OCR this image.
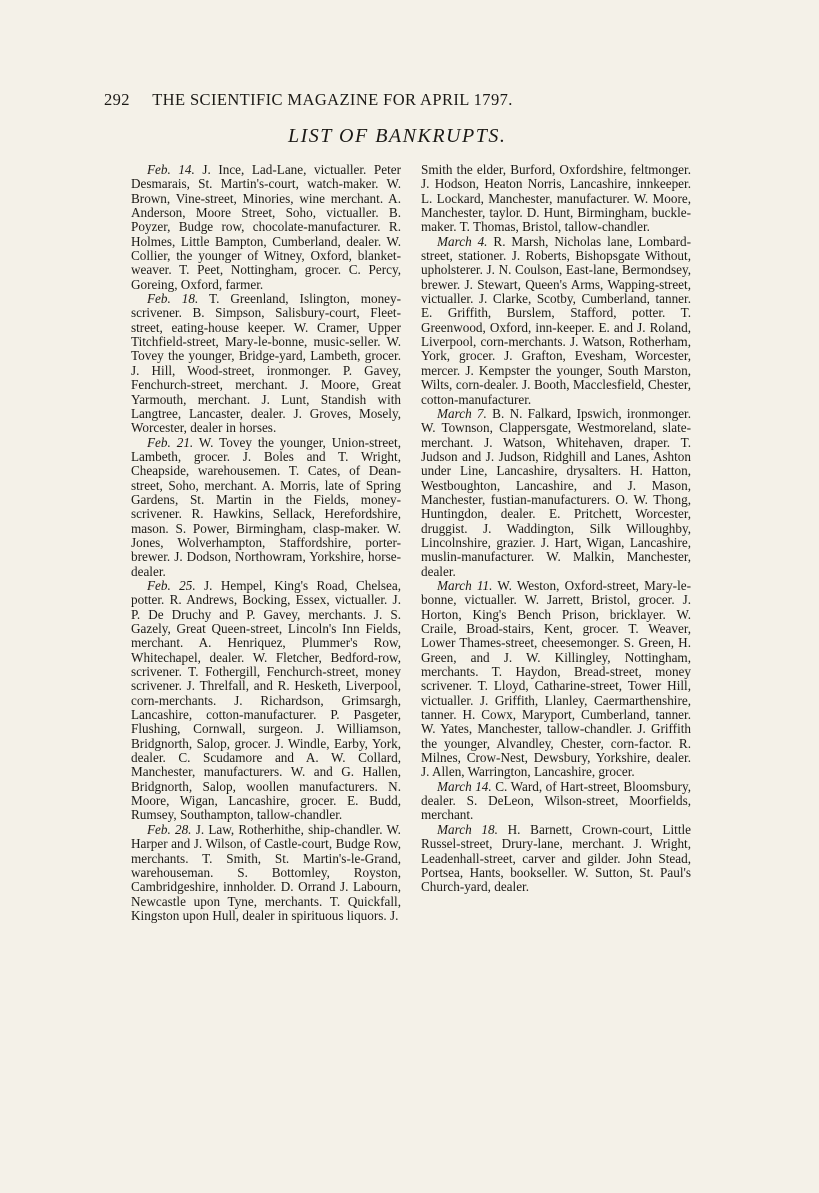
292 THE SCIENTIFIC MAGAZINE FOR APRIL 1797.
LIST OF BANKRUPTS.

Feb. 14. J. Ince, Lad-Lane, victualler. Peter Desmarais, St. Martin's-court, watch-maker. W. Brown, Vine-street, Minories, wine merchant. A. Anderson, Moore Street, Soho, victualler. B. Poyzer, Budge row, chocolate-manufacturer. R. Holmes, Little Bampton, Cumberland, dealer. W. Collier, the younger of Witney, Oxford, blanket-weaver. T. Peet, Nottingham, grocer. C. Percy, Goreing, Oxford, farmer.

Feb. 18. T. Greenland, Islington, money-scrivener. B. Simpson, Salisbury-court, Fleet-street, eating-house keeper. W. Cramer, Upper Titchfield-street, Mary-le-bonne, music-seller. W. Tovey the younger, Bridge-yard, Lambeth, grocer. J. Hill, Wood-street, ironmonger. P. Gavey, Fenchurch-street, merchant. J. Moore, Great Yarmouth, merchant. J. Lunt, Standish with Langtree, Lancaster, dealer. J. Groves, Mosely, Worcester, dealer in horses.

Feb. 21. W. Tovey the younger, Union-street, Lambeth, grocer. J. Boles and T. Wright, Cheapside, warehousemen. T. Cates, of Dean-street, Soho, merchant. A. Morris, late of Spring Gardens, St. Martin in the Fields, money-scrivener. R. Hawkins, Sellack, Herefordshire, mason. S. Power, Birmingham, clasp-maker. W. Jones, Wolverhampton, Staffordshire, porter-brewer. J. Dodson, Northowram, Yorkshire, horse-dealer.

Feb. 25. J. Hempel, King's Road, Chelsea, potter. R. Andrews, Bocking, Essex, victualler. J. P. De Druchy and P. Gavey, merchants. J. S. Gazely, Great Queen-street, Lincoln's Inn Fields, merchant. A. Henriquez, Plummer's Row, Whitechapel, dealer. W. Fletcher, Bedford-row, scrivener. T. Fothergill, Fenchurch-street, money scrivener. J. Threlfall, and R. Hesketh, Liverpool, corn-merchants. J. Richardson, Grimsargh, Lancashire, cotton-manufacturer. P. Pasgeter, Flushing, Cornwall, surgeon. J. Williamson, Bridgnorth, Salop, grocer. J. Windle, Earby, York, dealer. C. Scudamore and A. W. Collard, Manchester, manufacturers. W. and G. Hallen, Bridgnorth, Salop, woollen manufacturers. N. Moore, Wigan, Lancashire, grocer. E. Budd, Rumsey, Southampton, tallow-chandler.

Feb. 28. J. Law, Rotherhithe, ship-chandler. W. Harper and J. Wilson, of Castle-court, Budge Row, merchants. T. Smith, St. Martin's-le-Grand, warehouseman. S. Bottomley, Royston, Cambridgeshire, innholder. D. Orrand J. Labourn, Newcastle upon Tyne, merchants. T. Quickfall, Kingston upon Hull, dealer in spirituous liquors. J.

Smith the elder, Burford, Oxfordshire, feltmonger. J. Hodson, Heaton Norris, Lancashire, innkeeper. L. Lockard, Manchester, manufacturer. W. Moore, Manchester, taylor. D. Hunt, Birmingham, buckle-maker. T. Thomas, Bristol, tallow-chandler.

March 4. R. Marsh, Nicholas lane, Lombard-street, stationer. J. Roberts, Bishopsgate Without, upholsterer. J. N. Coulson, East-lane, Bermondsey, brewer. J. Stewart, Queen's Arms, Wapping-street, victualler. J. Clarke, Scotby, Cumberland, tanner. E. Griffith, Burslem, Stafford, potter. T. Greenwood, Oxford, inn-keeper. E. and J. Roland, Liverpool, corn-merchants. J. Watson, Rotherham, York, grocer. J. Grafton, Evesham, Worcester, mercer. J. Kempster the younger, South Marston, Wilts, corn-dealer. J. Booth, Macclesfield, Chester, cotton-manufacturer.

March 7. B. N. Falkard, Ipswich, ironmonger. W. Townson, Clappersgate, Westmoreland, slate-merchant. J. Watson, Whitehaven, draper. T. Judson and J. Judson, Ridghill and Lanes, Ashton under Line, Lancashire, drysalters. H. Hatton, Westboughton, Lancashire, and J. Mason, Manchester, fustian-manufacturers. O. W. Thong, Huntingdon, dealer. E. Pritchett, Worcester, druggist. J. Waddington, Silk Willoughby, Lincolnshire, grazier. J. Hart, Wigan, Lancashire, muslin-manufacturer. W. Malkin, Manchester, dealer.

March 11. W. Weston, Oxford-street, Mary-le-bonne, victualler. W. Jarrett, Bristol, grocer. J. Horton, King's Bench Prison, bricklayer. W. Craile, Broad-stairs, Kent, grocer. T. Weaver, Lower Thames-street, cheesemonger. S. Green, H. Green, and J. W. Killingley, Nottingham, merchants. T. Haydon, Bread-street, money scrivener. T. Lloyd, Catharine-street, Tower Hill, victualler. J. Griffith, Llanley, Caermarthenshire, tanner. H. Cowx, Maryport, Cumberland, tanner. W. Yates, Manchester, tallow-chandler. J. Griffith the younger, Alvandley, Chester, corn-factor. R. Milnes, Crow-Nest, Dewsbury, Yorkshire, dealer. J. Allen, Warrington, Lancashire, grocer.

March 14. C. Ward, of Hart-street, Bloomsbury, dealer. S. DeLeon, Wilson-street, Moorfields, merchant.

March 18. H. Barnett, Crown-court, Little Russel-street, Drury-lane, merchant. J. Wright, Leadenhall-street, carver and gilder. John Stead, Portsea, Hants, bookseller. W. Sutton, St. Paul's Church-yard, dealer.
